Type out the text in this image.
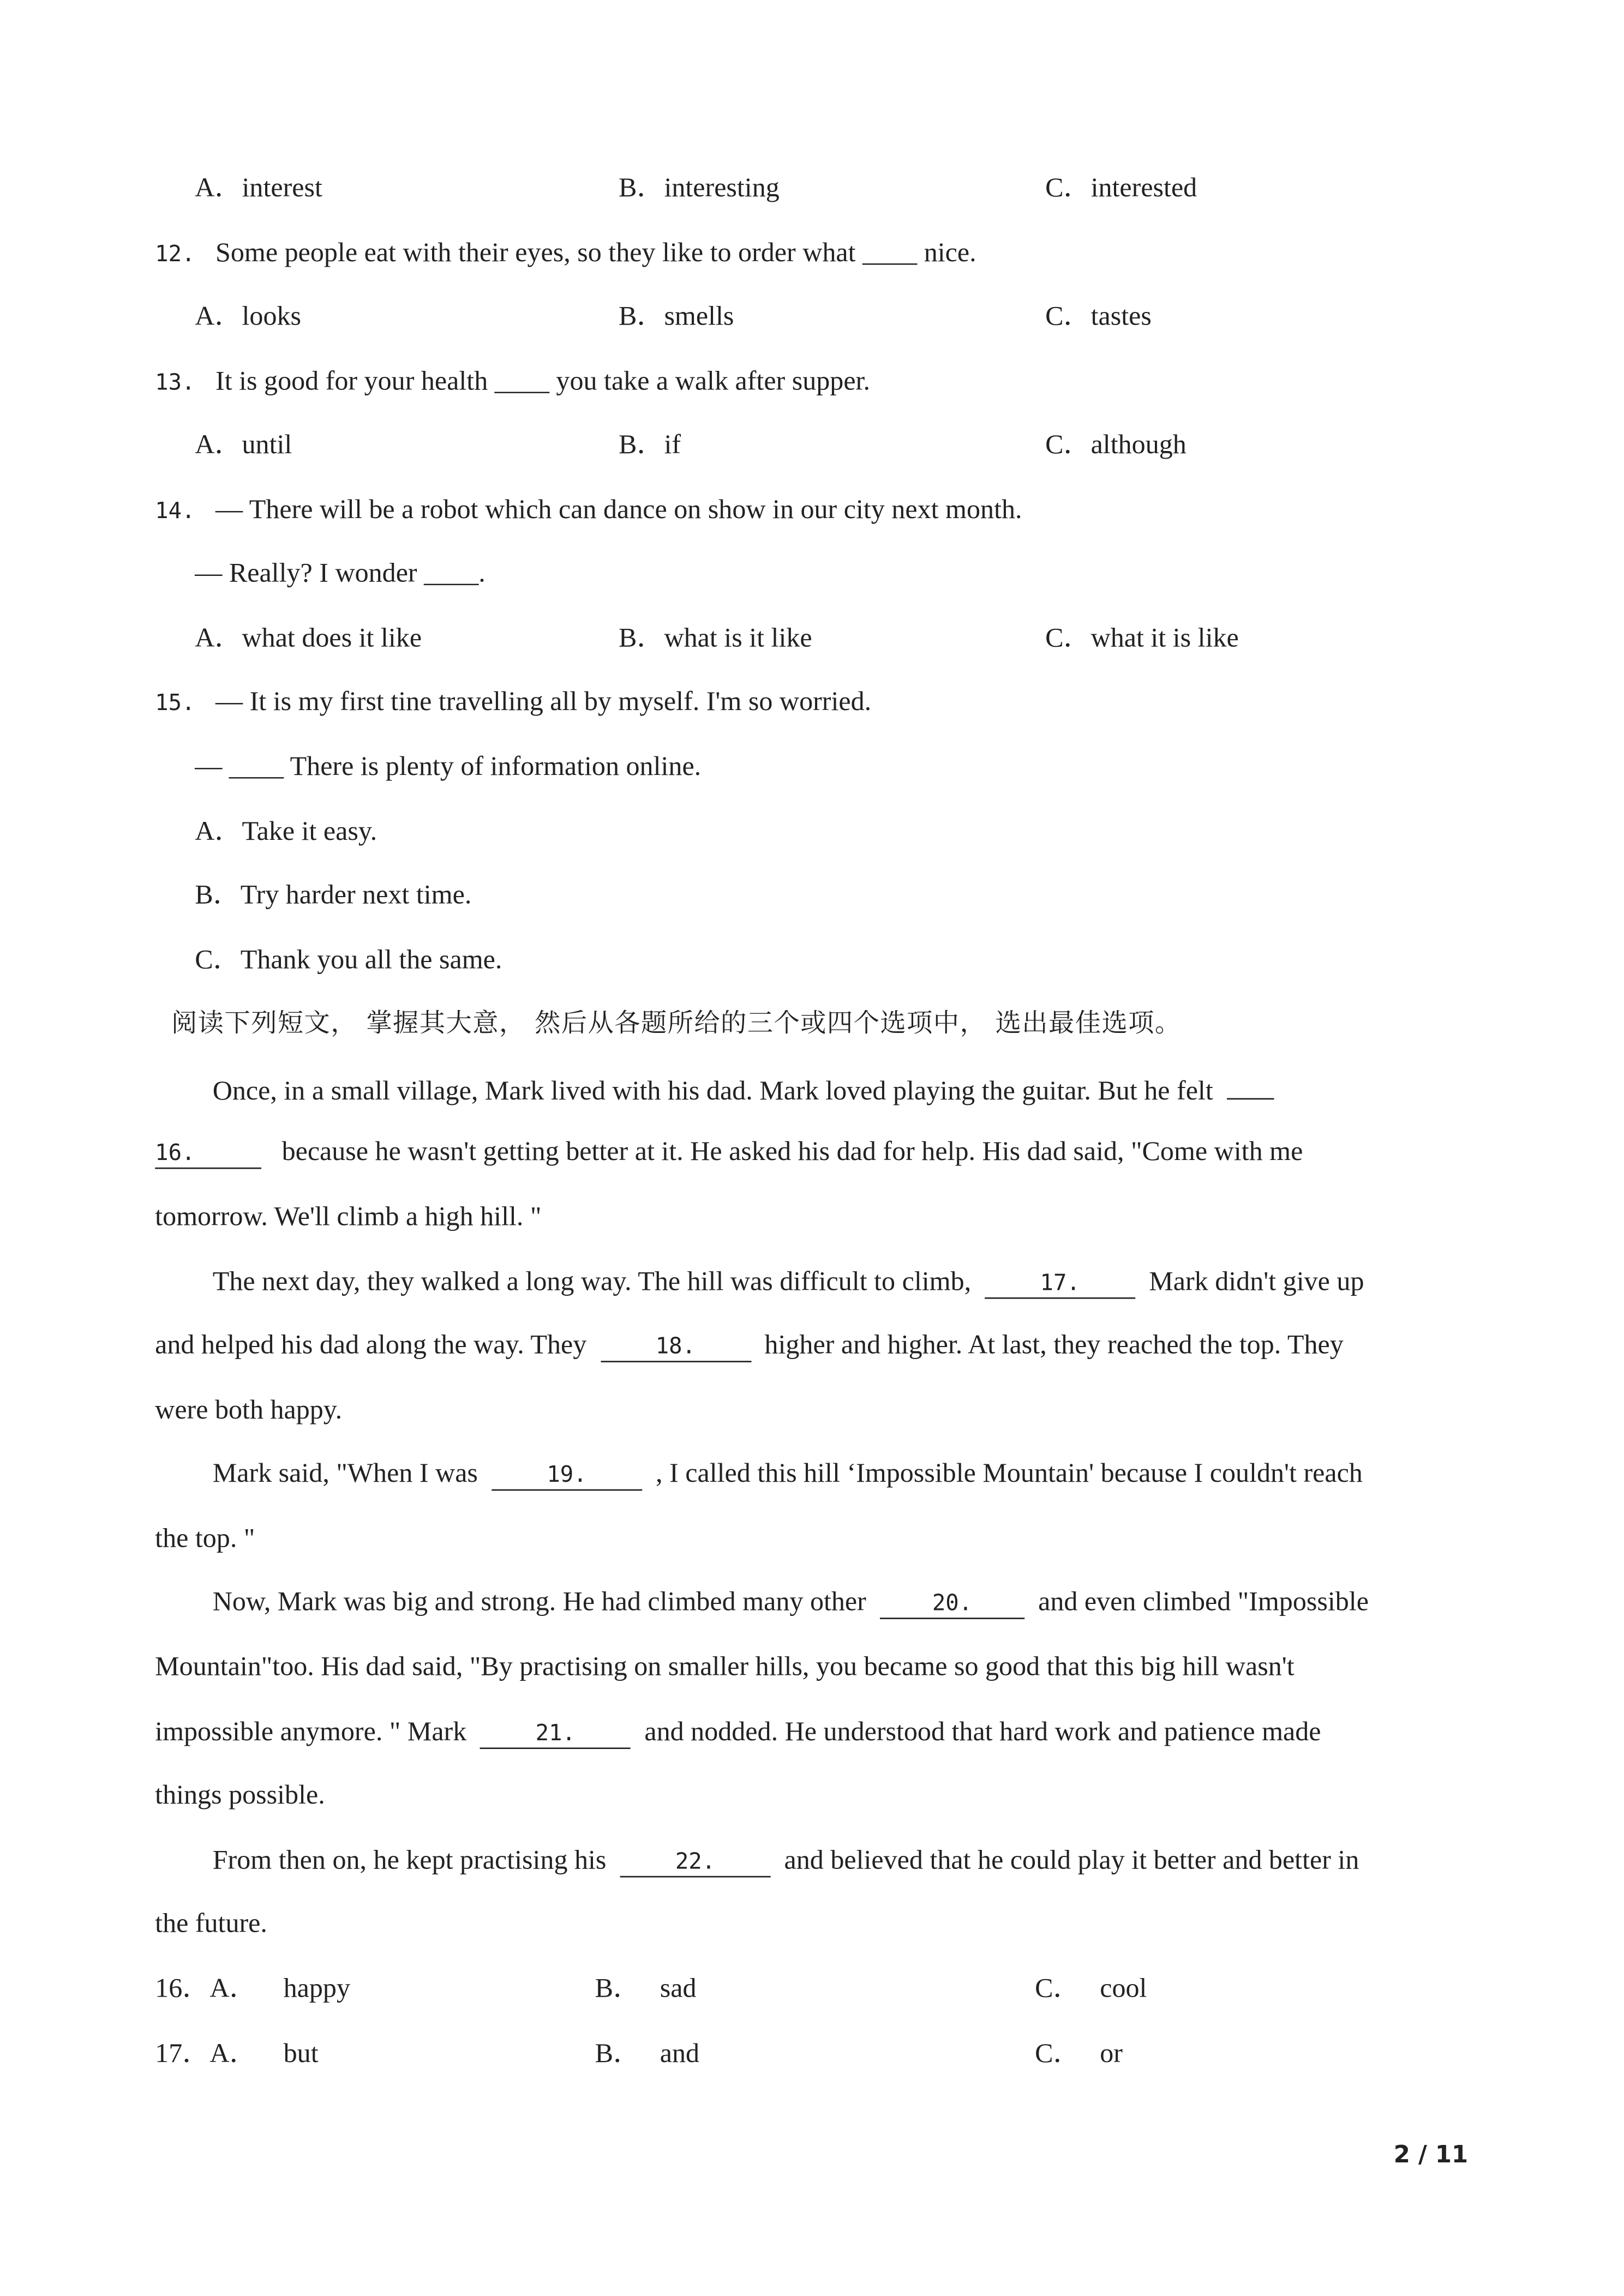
A．interest	B．interesting	C．interested
12. Some people eat with their eyes, so they like to order what ____ nice.
A．looks	B．smells	C．tastes
13. It is good for your health ____ you take a walk after supper.
A．until	B．if	C．although
14. — There will be a robot which can dance on show in our city next month.
— Really? I wonder ____.
A．what does it like	B．what is it like	C．what it is like
15. — It is my first tine travelling all by myself. I'm so worried.
— ____ There is plenty of information online.
A．Take it easy.
B．Try harder next time.
C．Thank you all the same.
阅读下列短文， 掌握其大意， 然后从各题所给的三个或四个选项中， 选出最佳选项。
Once, in a small village, Mark lived with his dad. Mark loved playing the guitar. But he felt
16.	because he wasn't getting better at it. He asked his dad for help. His dad said, "Come with me
tomorrow. We'll climb a high hill. "
The next day, they walked a long way. The hill was difficult to climb,	17.	Mark didn't give up
and helped his dad along the way. They	18.	higher and higher. At last, they reached the top. They
were both happy.
Mark said, "When I was	19.	, I called this hill ‘Impossible Mountain' because I couldn't reach
the top. "
Now, Mark was big and strong. He had climbed many other	20.	and even climbed "Impossible
Mountain"too. His dad said, "By practising on smaller hills, you became so good that this big hill wasn't
impossible anymore. " Mark	21.	and nodded. He understood that hard work and patience made
things possible.
From then on, he kept practising his	22.	and believed that he could play it better and better in
the future.
16．A．	happy	B． sad	C． cool
17．A．	but	B． and	C． or
2 / 11
